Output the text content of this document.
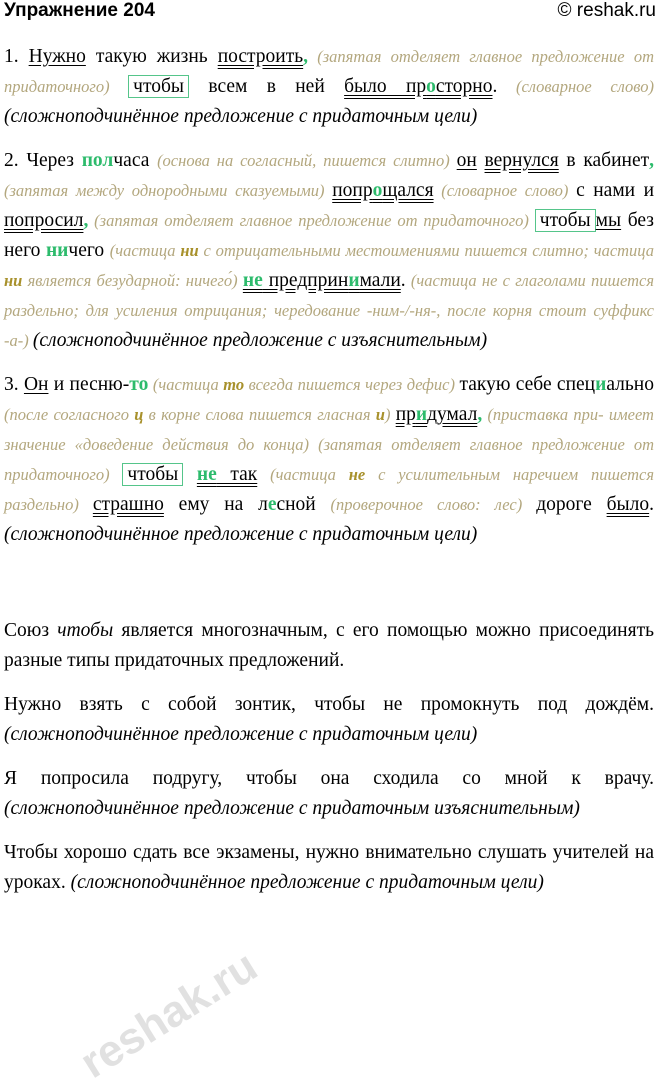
Упражнение 204	© reshak.ru

1. Нужно такую жизнь построить, (запятая отделяет главное предложение от придаточного) чтобы всем в ней было просторно. (словарное слово) (сложноподчинённое предложение с придаточным цели)

2. Через полчаса (основа на согласный, пишется слитно) он вернулся в кабинет, (запятая между однородными сказуемыми) попрощался (словарное слово) с нами и попросил, (запятая отделяет главное предложение от придаточного) чтобы мы без него ничего (частица ни с отрицательными местоимениями пишется слитно; частица ни является безударной: ничего́) не предпринимали. (частица не с глаголами пишется раздельно; для усиления отрицания; чередование -ним-/-ня-, после корня стоит суффикс -а-) (сложноподчинённое предложение с изъяснительным)

3. Он и песню-то (частица то всегда пишется через дефис) такую себе специально (после согласного ц в корне слова пишется гласная и) придумал, (приставка при- имеет значение «доведение действия до конца) (запятая отделяет главное предложение от придаточного) чтобы не так (частица не с усилительным наречием пишется раздельно) страшно ему на лесной (проверочное слово: лес) дороге было. (сложноподчинённое предложение с придаточным цели)

Союз чтобы является многозначным, с его помощью можно присоединять разные типы придаточных предложений.

Нужно взять с собой зонтик, чтобы не промокнуть под дождём. (сложноподчинённое предложение с придаточным цели)

Я попросила подругу, чтобы она сходила со мной к врачу. (сложноподчинённое предложение с придаточным изъяснительным)

Чтобы хорошо сдать все экзамены, нужно внимательно слушать учителей на уроках. (сложноподчинённое предложение с придаточным цели)

reshak.ru
